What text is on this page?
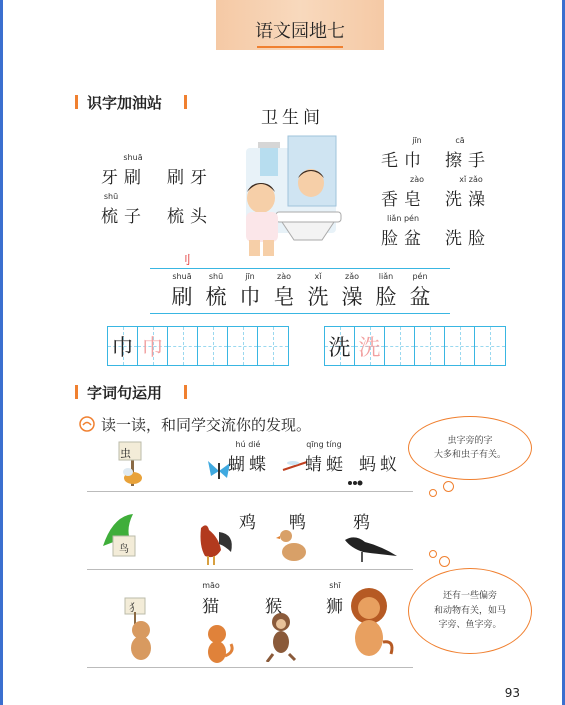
语文园地七
识字加油站
卫生间
shuā
牙刷 刷牙
shū
梳子 梳头
jīn	cā
毛巾 擦手
zào	xǐ zǎo
香皂 洗澡
liǎn pén
脸盆 洗脸
刂
shuā
刷
shū
梳
jīn
巾
zào
皂
xǐ
洗
zǎo
澡
liǎn
脸
pén
盆
巾 巾	洗 洗
字词句运用
读一读，和同学交流你的发现。
虫字旁的字
大多和虫子有关。
还有一些偏旁
和动物有关，如马
字旁、鱼字旁。
虫
hú dié
蝴蝶
qīng tíng
蜻蜓 蚂蚁
鸟
鸡 鸭	鸦
犭
māo
猫	猴
shī
狮
93
